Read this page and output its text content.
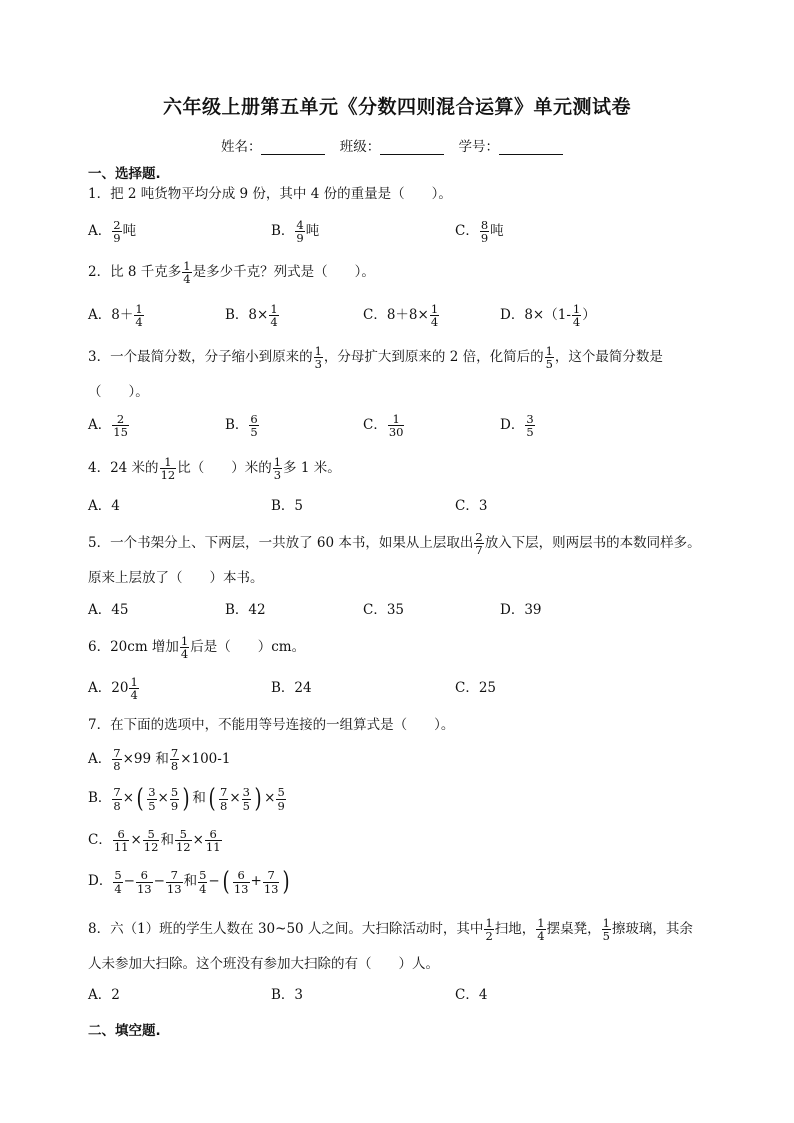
六年级上册第五单元《分数四则混合运算》单元测试卷
姓名：	班级：	学号：
一、选择题.
1．把 2 吨货物平均分成 9 份，其中 4 份的重量是（　　）。
A． $\frac{2}{9}$ 吨	B． $\frac{4}{9}$ 吨	C． $\frac{8}{9}$ 吨
2．比 8 千克多 $\frac{1}{4}$ 是多少千克？列式是（　　）。
A． $8+ \frac{1}{4}$	B． $8\times \frac{1}{4}$	C． $8+8\times \frac{1}{4}$	D． $8\times(1- \frac{1}{4}$ ）
3．一个最简分数，分子缩小到原来的 $\frac{1}{3}$ ，分母扩大到原来的 2 倍，化简后的 $\frac{1}{5}$ ，这个最简分数是
（　　）。
A． $\frac{2}{15}$	B． $\frac{6}{5}$	C． $\frac{1}{30}$	D． $\frac{3}{5}$
4．24 米的 $\frac{1}{12}$ 比（　　）米的 $\frac{1}{3}$ 多 1 米。
A．4	B．5	C．3
5．一个书架分上、下两层，一共放了 60 本书，如果从上层取出 $\frac{2}{7}$ 放入下层，则两层书的本数同样多。
原来上层放了（　　）本书。
A．45	B．42	C．35	D．39
6．20cm 增加 $\frac{1}{4}$ 后是（　　）cm。
A． $20 \frac{1}{4}$	B．24	C．25
7．在下面的选项中，不能用等号连接的一组算式是（　　）。
A． $\frac{7}{8} \times 99$ 和 $\frac{7}{8} \times 100-1$
B． $\frac{7}{8}$ × ( $\frac{3}{5} \times \frac{5}{9}$ ) 和 ( $\frac{7}{8} \times \frac{3}{5}$ ) × $\frac{5}{9}$
C． $\frac{6}{11} \times \frac{5}{12}$ 和 $\frac{5}{12} \times \frac{6}{11}$
D． $\frac{5}{4} - \frac{6}{13} - \frac{7}{13}$ 和 $\frac{5}{4}$ − ( $\frac{6}{13} + \frac{7}{13}$ )
8．六（1）班的学生人数在 30~50 人之间。大扫除活动时，其中 $\frac{1}{2}$ 扫地， $\frac{1}{4}$ 摆桌凳， $\frac{1}{5}$ 擦玻璃，其余
人未参加大扫除。这个班没有参加大扫除的有（　　）人。
A．2	B．3	C．4
二、填空题.
